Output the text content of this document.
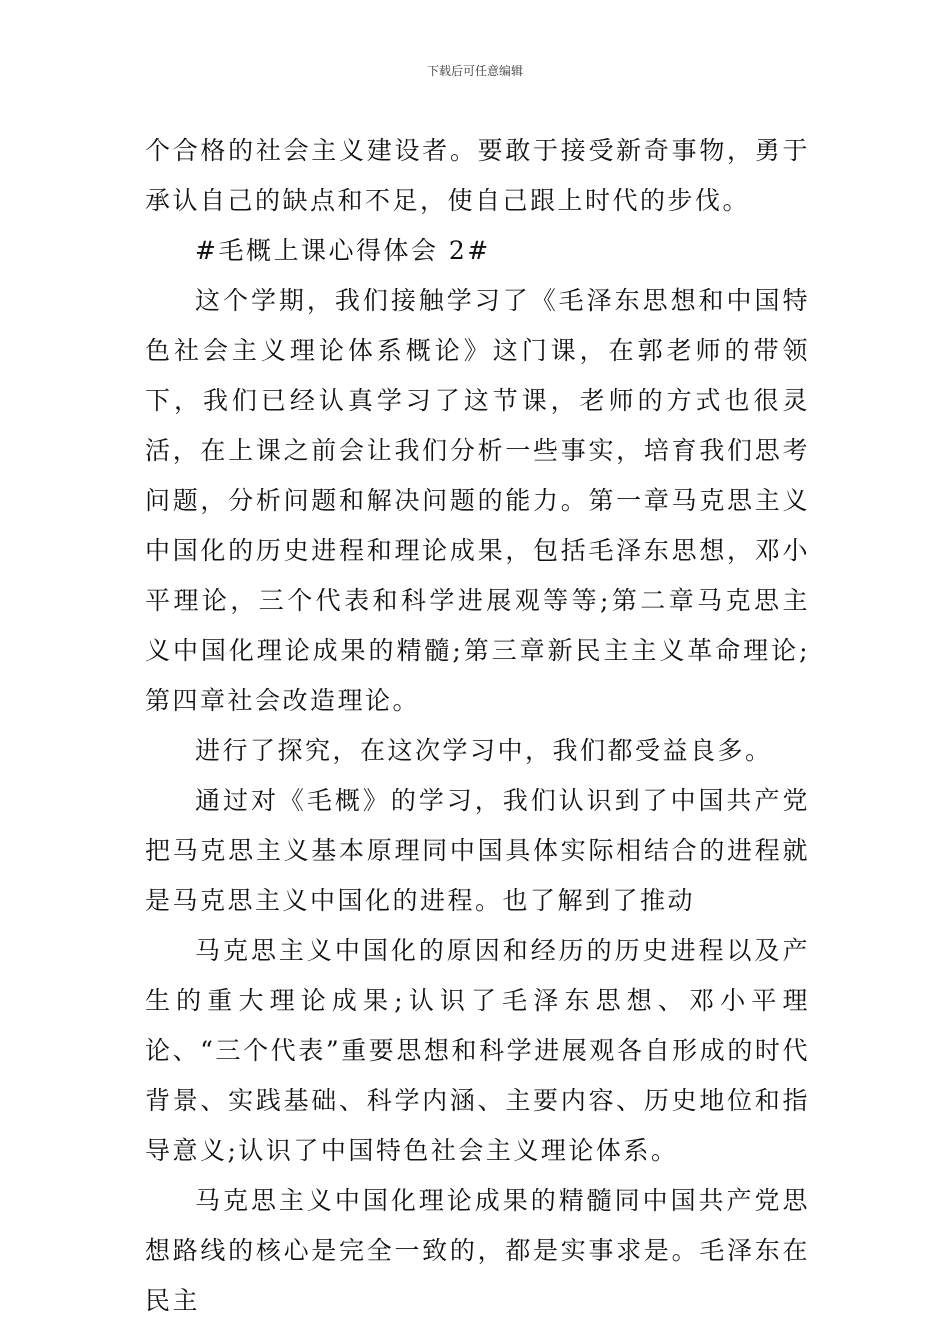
下载后可任意编辑

个合格的社会主义建设者。要敢于接受新奇事物，勇于承认自己的缺点和不足，使自己跟上时代的步伐。

#毛概上课心得体会 2#

这个学期，我们接触学习了《毛泽东思想和中国特色社会主义理论体系概论》这门课，在郭老师的带领下，我们已经认真学习了这节课，老师的方式也很灵活，在上课之前会让我们分析一些事实，培育我们思考问题，分析问题和解决问题的能力。第一章马克思主义中国化的历史进程和理论成果，包括毛泽东思想，邓小平理论，三个代表和科学进展观等等;第二章马克思主义中国化理论成果的精髓;第三章新民主主义革命理论;第四章社会改造理论。

进行了探究，在这次学习中，我们都受益良多。

通过对《毛概》的学习，我们认识到了中国共产党把马克思主义基本原理同中国具体实际相结合的进程就是马克思主义中国化的进程。也了解到了推动

马克思主义中国化的原因和经历的历史进程以及产生的重大理论成果;认识了毛泽东思想、邓小平理论、“三个代表”重要思想和科学进展观各自形成的时代背景、实践基础、科学内涵、主要内容、历史地位和指导意义;认识了中国特色社会主义理论体系。

马克思主义中国化理论成果的精髓同中国共产党思想路线的核心是完全一致的，都是实事求是。毛泽东在民主
